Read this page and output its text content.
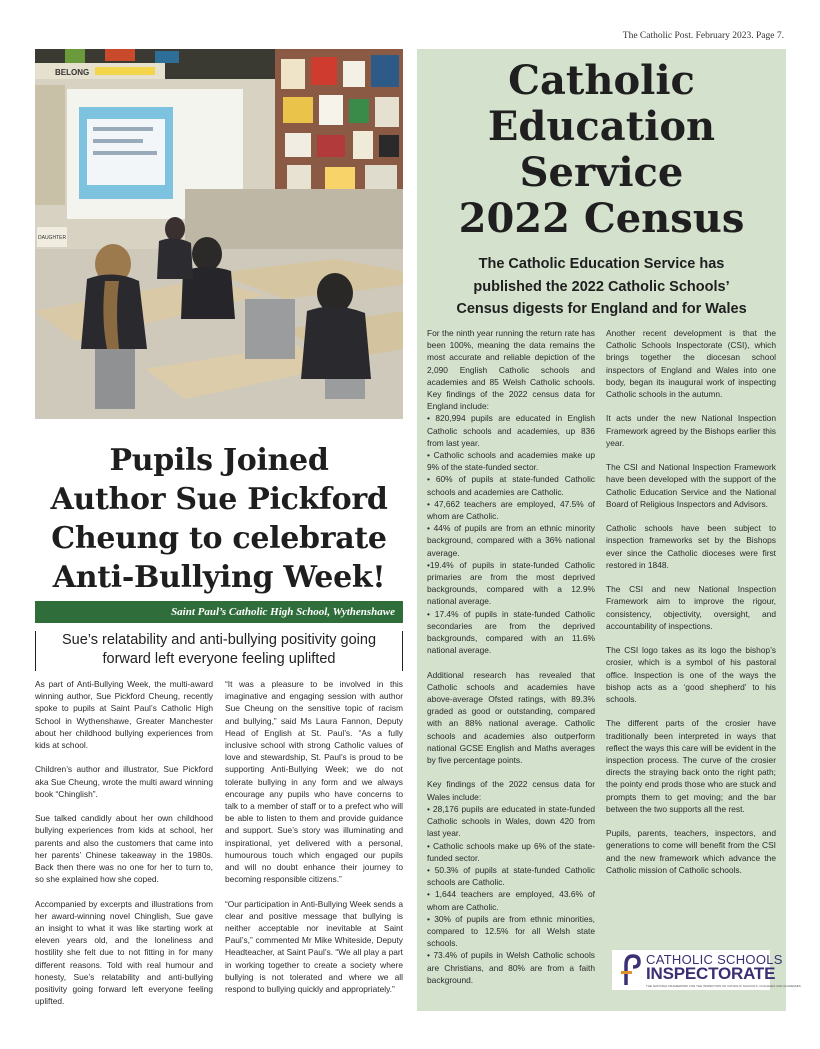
The Catholic Post. February 2023. Page 7.
BELONG
DAUGHTER
Pupils Joined
Author Sue Pickford
Cheung to celebrate
Anti-Bullying Week!
Saint Paul’s Catholic High School, Wythenshawe
Sue’s relatability and anti-bullying positivity going forward left everyone feeling uplifted

As part of Anti-Bullying Week, the multi-award winning author, Sue Pickford Cheung, recently spoke to pupils at Saint Paul’s Catholic High School in Wythenshawe, Greater Manchester about her childhood bullying experiences from kids at school.

Children’s author and illustrator, Sue Pickford aka Sue Cheung, wrote the multi award winning book “Chinglish”.

Sue talked candidly about her own childhood bullying experiences from kids at school, her parents and also the customers that came into her parents’ Chinese takeaway in the 1980s. Back then there was no one for her to turn to, so she explained how she coped.

Accompanied by excerpts and illustrations from her award-winning novel Chinglish, Sue gave an insight to what it was like starting work at eleven years old, and the loneliness and hostility she felt due to not fitting in for many different reasons. Told with real humour and honesty, Sue’s relatability and anti-bullying positivity going forward left everyone feeling uplifted.

“It was a pleasure to be involved in this imaginative and engaging session with author Sue Cheung on the sensitive topic of racism and bullying,” said Ms Laura Fannon, Deputy Head of English at St. Paul’s. “As a fully inclusive school with strong Catholic values of love and stewardship, St. Paul’s is proud to be supporting Anti-Bullying Week; we do not tolerate bullying in any form and we always encourage any pupils who have concerns to talk to a member of staff or to a prefect who will be able to listen to them and provide guidance and support. Sue’s story was illuminating and inspirational, yet delivered with a personal, humourous touch which engaged our pupils and will no doubt enhance their journey to becoming responsible citizens.”

“Our participation in Anti-Bullying Week sends a clear and positive message that bullying is neither acceptable nor inevitable at Saint Paul’s,” commented Mr Mike Whiteside, Deputy Headteacher, at Saint Paul’s. “We all play a part in working together to create a society where bullying is not tolerated and where we all respond to bullying quickly and appropriately.”

Catholic
Education
Service
2022 Census
The Catholic Education Service has
published the 2022 Catholic Schools’
Census digests for England and for Wales

For the ninth year running the return rate has been 100%, meaning the data remains the most accurate and reliable depiction of the 2,090 English Catholic schools and academies and 85 Welsh Catholic schools. Key findings of the 2022 census data for England include:
• 820,994 pupils are educated in English Catholic schools and academies, up 836 from last year.
• Catholic schools and academies make up 9% of the state-funded sector.
• 60% of pupils at state-funded Catholic schools and academies are Catholic.
• 47,662 teachers are employed, 47.5% of whom are Catholic.
• 44% of pupils are from an ethnic minority background, compared with a 36% national average.
•19.4% of pupils in state-funded Catholic primaries are from the most deprived backgrounds, compared with a 12.9% national average.
• 17.4% of pupils in state-funded Catholic secondaries are from the deprived backgrounds, compared with an 11.6% national average.

Additional research has revealed that Catholic schools and academies have above-average Ofsted ratings, with 89.3% graded as good or outstanding, compared with an 88% national average. Catholic schools and academies also outperform national GCSE English and Maths averages by five percentage points.

Key findings of the 2022 census data for Wales include:
• 28,176 pupils are educated in state-funded Catholic schools in Wales, down 420 from last year.
• Catholic schools make up 6% of the state-funded sector.
• 50.3% of pupils at state-funded Catholic schools are Catholic.
• 1,644 teachers are employed, 43.6% of whom are Catholic.
• 30% of pupils are from ethnic minorities, compared to 12.5% for all Welsh state schools.
• 73.4% of pupils in Welsh Catholic schools are Christians, and 80% are from a faith background.

Another recent development is that the Catholic Schools Inspectorate (CSI), which brings together the diocesan school inspectors of England and Wales into one body, began its inaugural work of inspecting Catholic schools in the autumn.

It acts under the new National Inspection Framework agreed by the Bishops earlier this year.

The CSI and National Inspection Framework have been developed with the support of the Catholic Education Service and the National Board of Religious Inspectors and Advisors.

Catholic schools have been subject to inspection frameworks set by the Bishops ever since the Catholic dioceses were first restored in 1848.

The CSI and new National Inspection Framework aim to improve the rigour, consistency, objectivity, oversight, and accountability of inspections.

The CSI logo takes as its logo the bishop’s crosier, which is a symbol of his pastoral office. Inspection is one of the ways the bishop acts as a ‘good shepherd’ to his schools.

The different parts of the crosier have traditionally been interpreted in ways that reflect the ways this care will be evident in the inspection process. The curve of the crosier directs the straying back onto the right path; the pointy end prods those who are stuck and prompts them to get moving; and the bar between the two supports all the rest.

Pupils, parents, teachers, inspectors, and generations to come will benefit from the CSI and the new framework which advance the Catholic mission of Catholic schools.

CATHOLIC SCHOOLS
INSPECTORATE
THE NATIONAL FRAMEWORK FOR THE INSPECTION OF CATHOLIC SCHOOLS, COLLEGES AND ACADEMIES
